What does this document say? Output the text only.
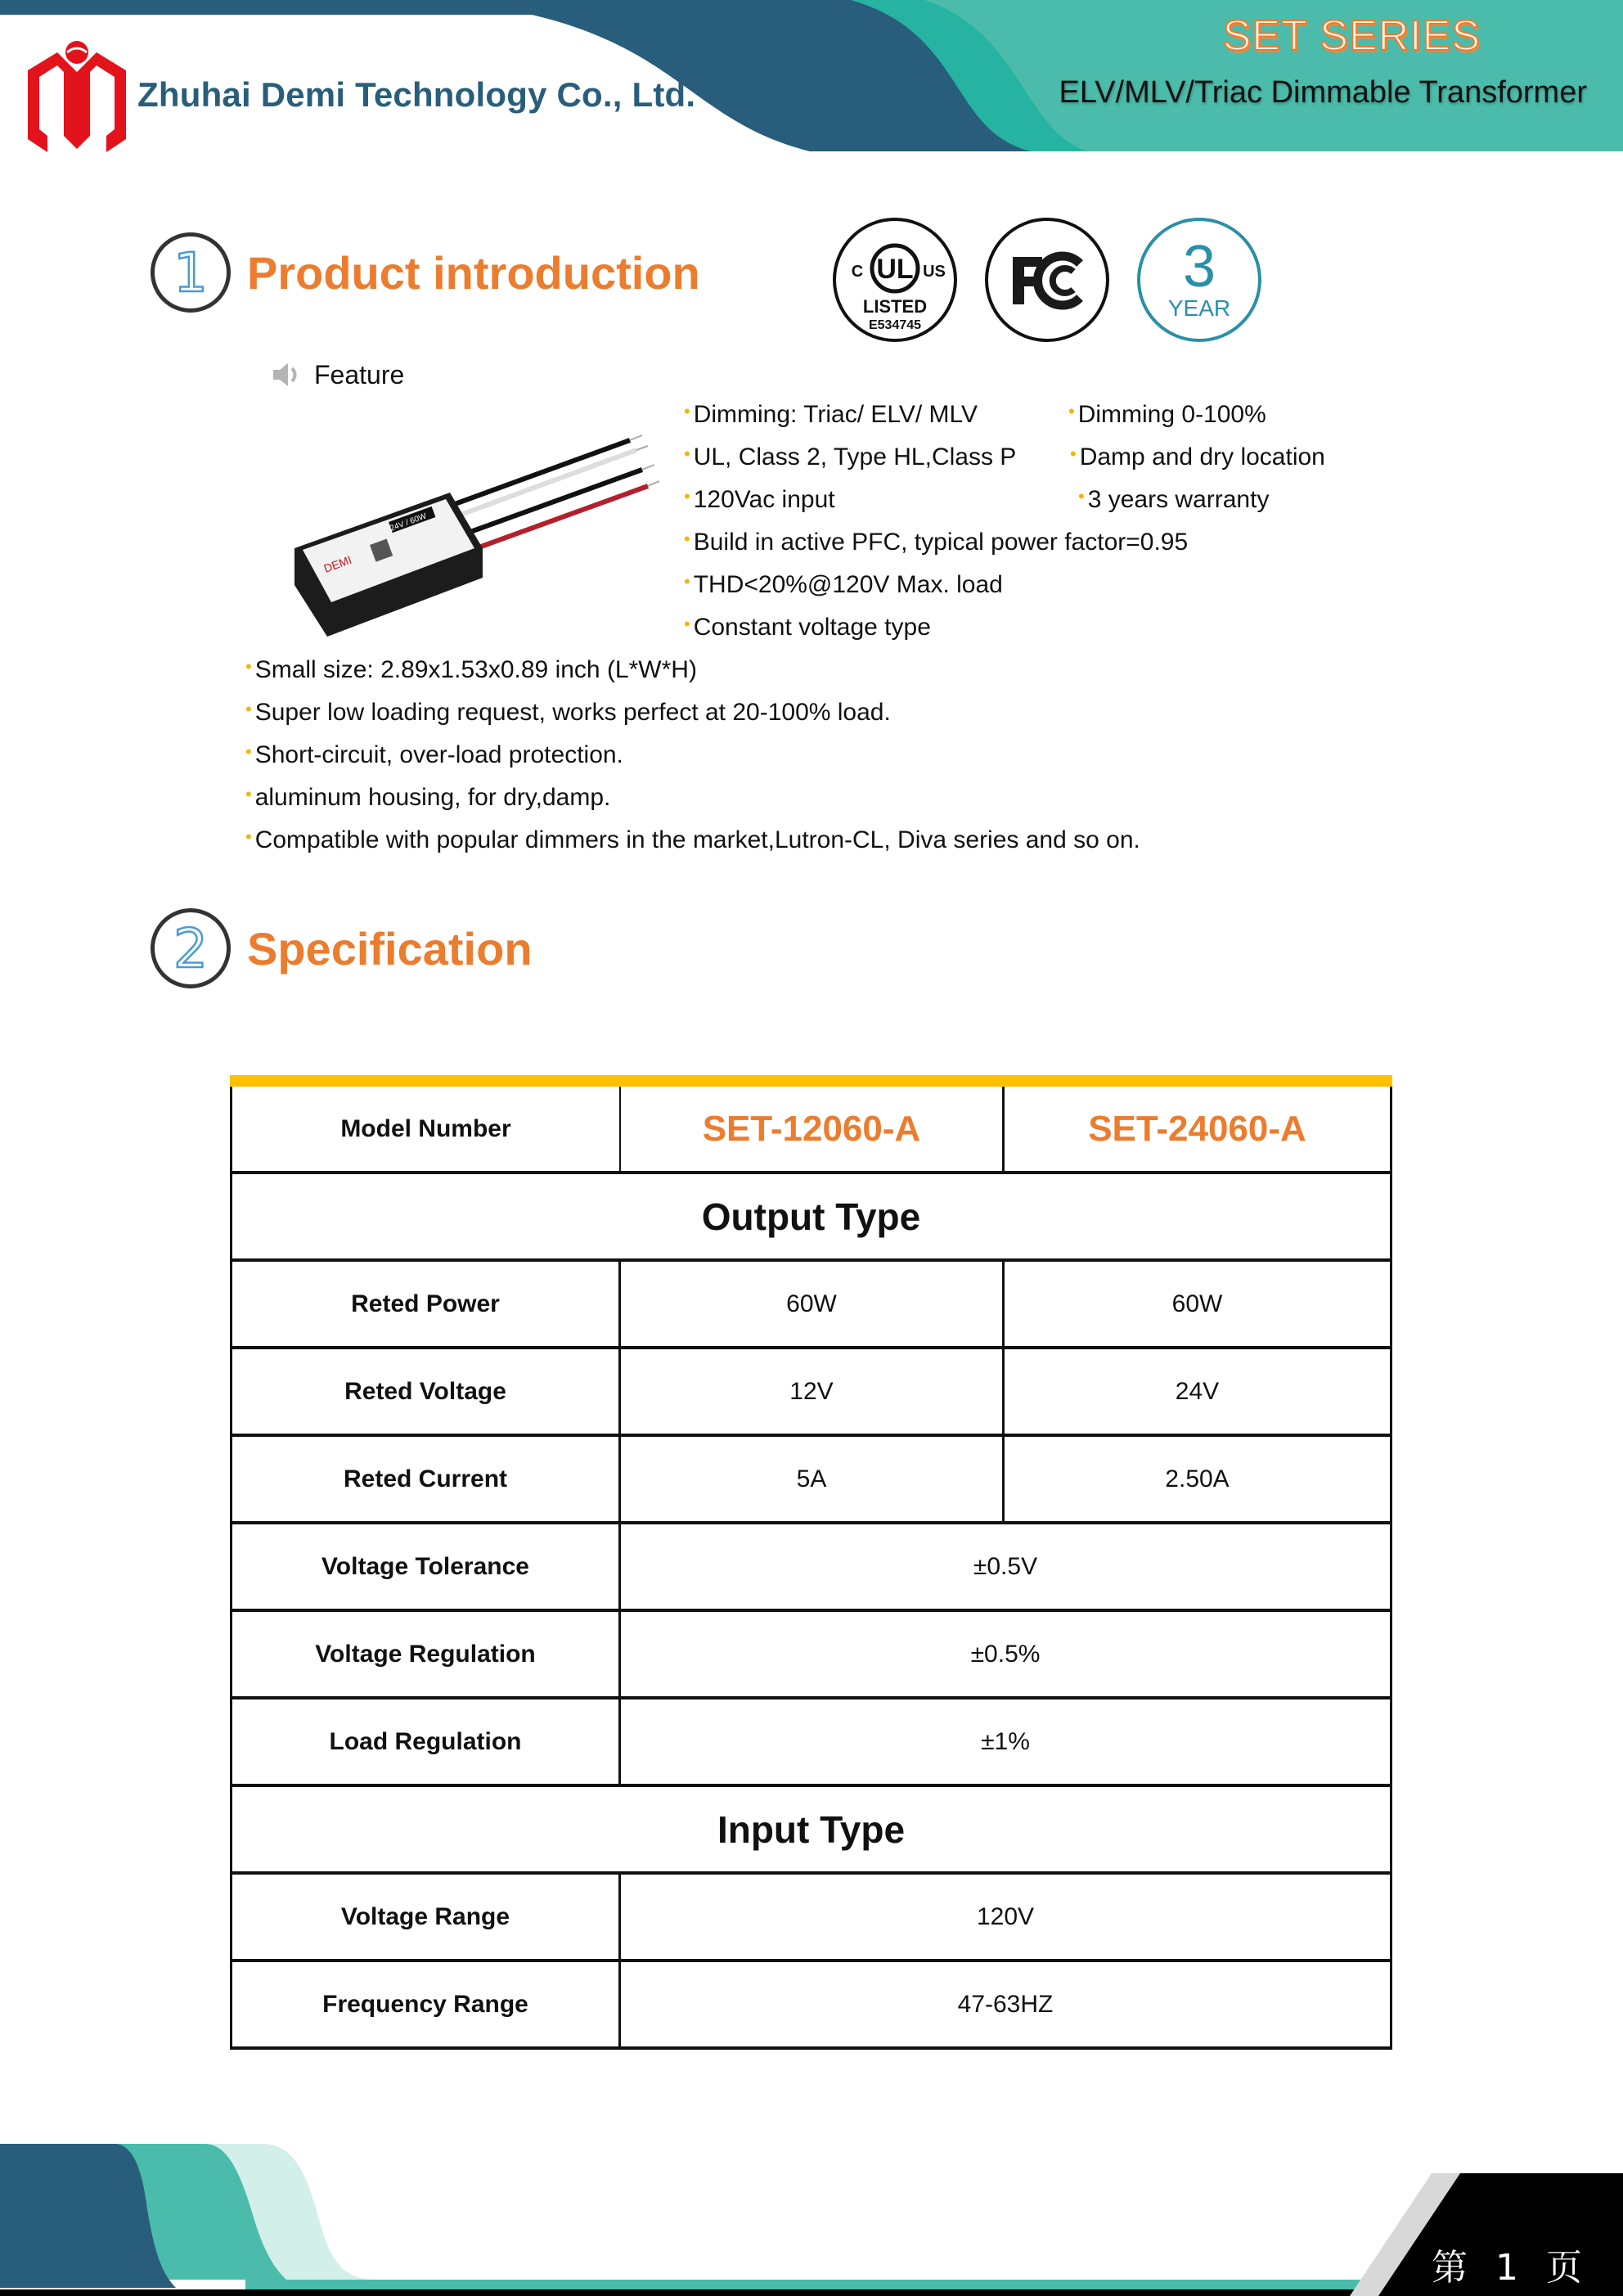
Zhuhai Demi Technology Co., Ltd.
SET SERIES
ELV/MLV/Triac Dimmable Transformer
1 Product introduction	UL
C	US
LISTED
E534745
3
YEAR
Feature
DEMI
24V / 60W
• Dimming: Triac/ ELV/ MLV	• Dimming 0-100%
• UL, Class 2, Type HL,Class P	• Damp and dry location
• 120Vac input	• 3 years warranty
• Build in active PFC, typical power factor=0.95
• THD<20%@120V Max. load
• Constant voltage type
• Small size: 2.89x1.53x0.89 inch (L*W*H)
• Super low loading request, works perfect at 20-100% load.
• Short-circuit, over-load protection.
• aluminum housing, for dry,damp.
• Compatible with popular dimmers in the market,Lutron-CL, Diva series and so on.
2 Specification
Model Number	SET-12060-A	SET-24060-A
Output Type
Reted Power	60W	60W
Reted Voltage	12V	24V
Reted Current	5A	2.50A
Voltage Tolerance	±0.5V
Voltage Regulation	±0.5%
Load Regulation	±1%
Input Type
Voltage Range	120V
Frequency Range	47-63HZ
第 1 页
